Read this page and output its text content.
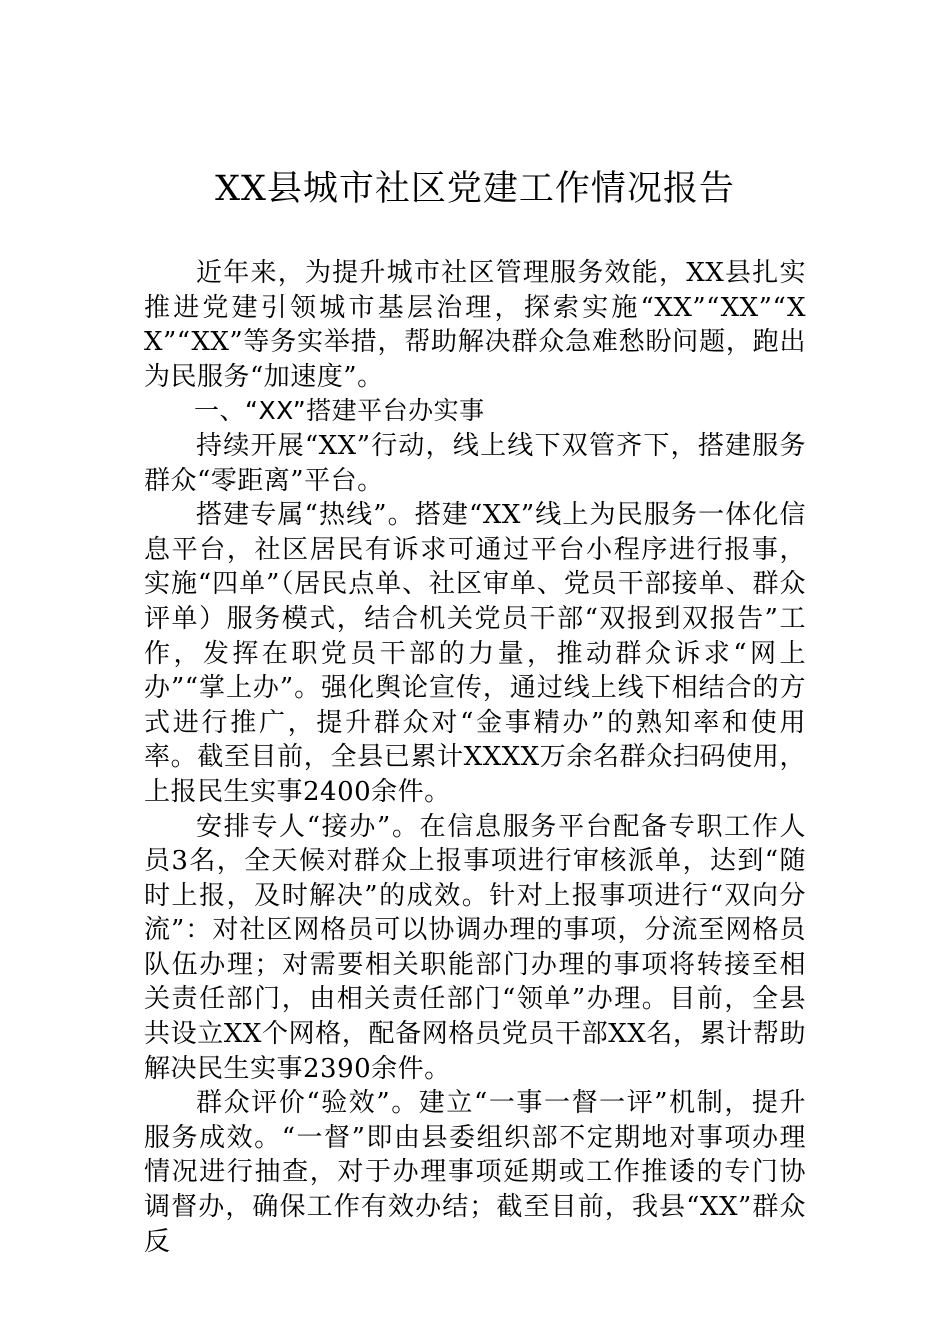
XX县城市社区党建工作情况报告

近年来，为提升城市社区管理服务效能，XX县扎实推进党建引领城市基层治理，探索实施“XX”“XX”“XX”“XX”等务实举措，帮助解决群众急难愁盼问题，跑出为民服务“加速度”。

一、“XX”搭建平台办实事

持续开展“XX”行动，线上线下双管齐下，搭建服务群众“零距离”平台。

搭建专属“热线”。搭建“XX”线上为民服务一体化信息平台，社区居民有诉求可通过平台小程序进行报事，实施“四单”（居民点单、社区审单、党员干部接单、群众评单）服务模式，结合机关党员干部“双报到双报告”工作，发挥在职党员干部的力量，推动群众诉求“网上办”“掌上办”。强化舆论宣传，通过线上线下相结合的方式进行推广，提升群众对“金事精办”的熟知率和使用率。截至目前，全县已累计XXXX万余名群众扫码使用，上报民生实事2400余件。

安排专人“接办”。在信息服务平台配备专职工作人员3名，全天候对群众上报事项进行审核派单，达到“随时上报，及时解决”的成效。针对上报事项进行“双向分流”：对社区网格员可以协调办理的事项，分流至网格员队伍办理；对需要相关职能部门办理的事项将转接至相关责任部门，由相关责任部门“领单”办理。目前，全县共设立XX个网格，配备网格员党员干部XX名，累计帮助解决民生实事2390余件。

群众评价“验效”。建立“一事一督一评”机制，提升服务成效。“一督”即由县委组织部不定期地对事项办理情况进行抽查，对于办理事项延期或工作推诿的专门协调督办，确保工作有效办结；截至目前，我县“XX”群众反
